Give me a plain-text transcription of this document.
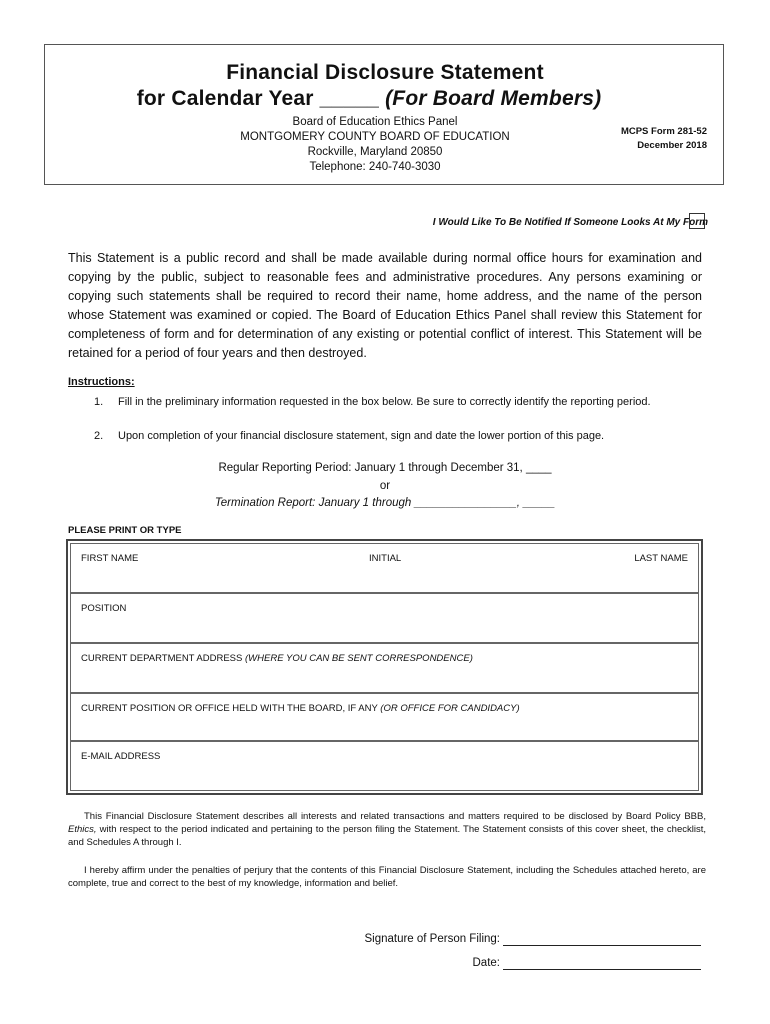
Financial Disclosure Statement
for Calendar Year _____ (For Board Members)
Board of Education Ethics Panel
MONTGOMERY COUNTY BOARD OF EDUCATION
Rockville, Maryland 20850
Telephone: 240-740-3030
MCPS Form 281-52
December 2018
I Would Like To Be Notified If Someone Looks At My Form
This Statement is a public record and shall be made available during normal office hours for examination and copying by the public, subject to reasonable fees and administrative procedures. Any persons examining or copying such statements shall be required to record their name, home address, and the name of the person whose Statement was examined or copied. The Board of Education Ethics Panel shall review this Statement for completeness of form and for determination of any existing or potential conflict of interest. This Statement will be retained for a period of four years and then destroyed.
Instructions:
1. Fill in the preliminary information requested in the box below. Be sure to correctly identify the reporting period.
2. Upon completion of your financial disclosure statement, sign and date the lower portion of this page.
Regular Reporting Period: January 1 through December 31, ____
or
Termination Report: January 1 through ________________, _____
PLEASE PRINT OR TYPE
FIRST NAME	INITIAL	LAST NAME
POSITION
CURRENT DEPARTMENT ADDRESS (WHERE YOU CAN BE SENT CORRESPONDENCE)
CURRENT POSITION OR OFFICE HELD WITH THE BOARD, IF ANY (OR OFFICE FOR CANDIDACY)
E-MAIL ADDRESS
This Financial Disclosure Statement describes all interests and related transactions and matters required to be disclosed by Board Policy BBB, Ethics, with respect to the period indicated and pertaining to the person filing the Statement. The Statement consists of this cover sheet, the checklist, and Schedules A through I.
I hereby affirm under the penalties of perjury that the contents of this Financial Disclosure Statement, including the Schedules attached hereto, are complete, true and correct to the best of my knowledge, information and belief.
Signature of Person Filing:
Date:
